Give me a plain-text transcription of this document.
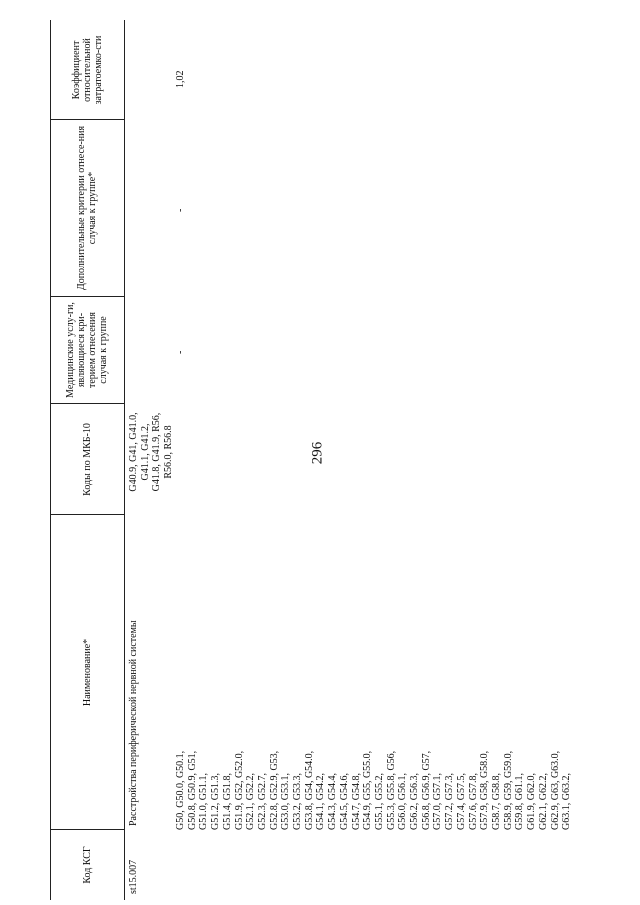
296
Код КСГ
Наименование*
Коды по МКБ-10
Медицинские услу-ги, являющиеся кри-терием отнесения случая к группе
Дополнительные критерии отнесе-ния случая к группе*
Коэффициент относительной затратоемко-сти
G40.9, G41, G41.0,
G41.1, G41.2,
G41.8, G41.9, R56,
R56.0, R56.8
st15.007
Расстройства периферической нервной системы	G50, G50.0, G50.1,
G50.8, G50.9, G51,
G51.0, G51.1,
G51.2, G51.3,
G51.4, G51.8,
G51.9, G52, G52.0,
G52.1, G52.2,
G52.3, G52.7,
G52.8, G52.9, G53,
G53.0, G53.1,
G53.2, G53.3,
G53.8, G54, G54.0,
G54.1, G54.2,
G54.3, G54.4,
G54.5, G54.6,
G54.7, G54.8,
G54.9, G55, G55.0,
G55.1, G55.2,
G55.3, G55.8, G56,
G56.0, G56.1,
G56.2, G56.3,
G56.8, G56.9, G57,
G57.0, G57.1,
G57.2, G57.3,
G57.4, G57.5,
G57.6, G57.8,
G57.9, G58, G58.0,
G58.7, G58.8,
G58.9, G59, G59.0,
G59.8, G61.1,
G61.9, G62.0,
G62.1, G62.2,
G62.9, G63, G63.0,
G63.1, G63.2,
-
-
1,02
